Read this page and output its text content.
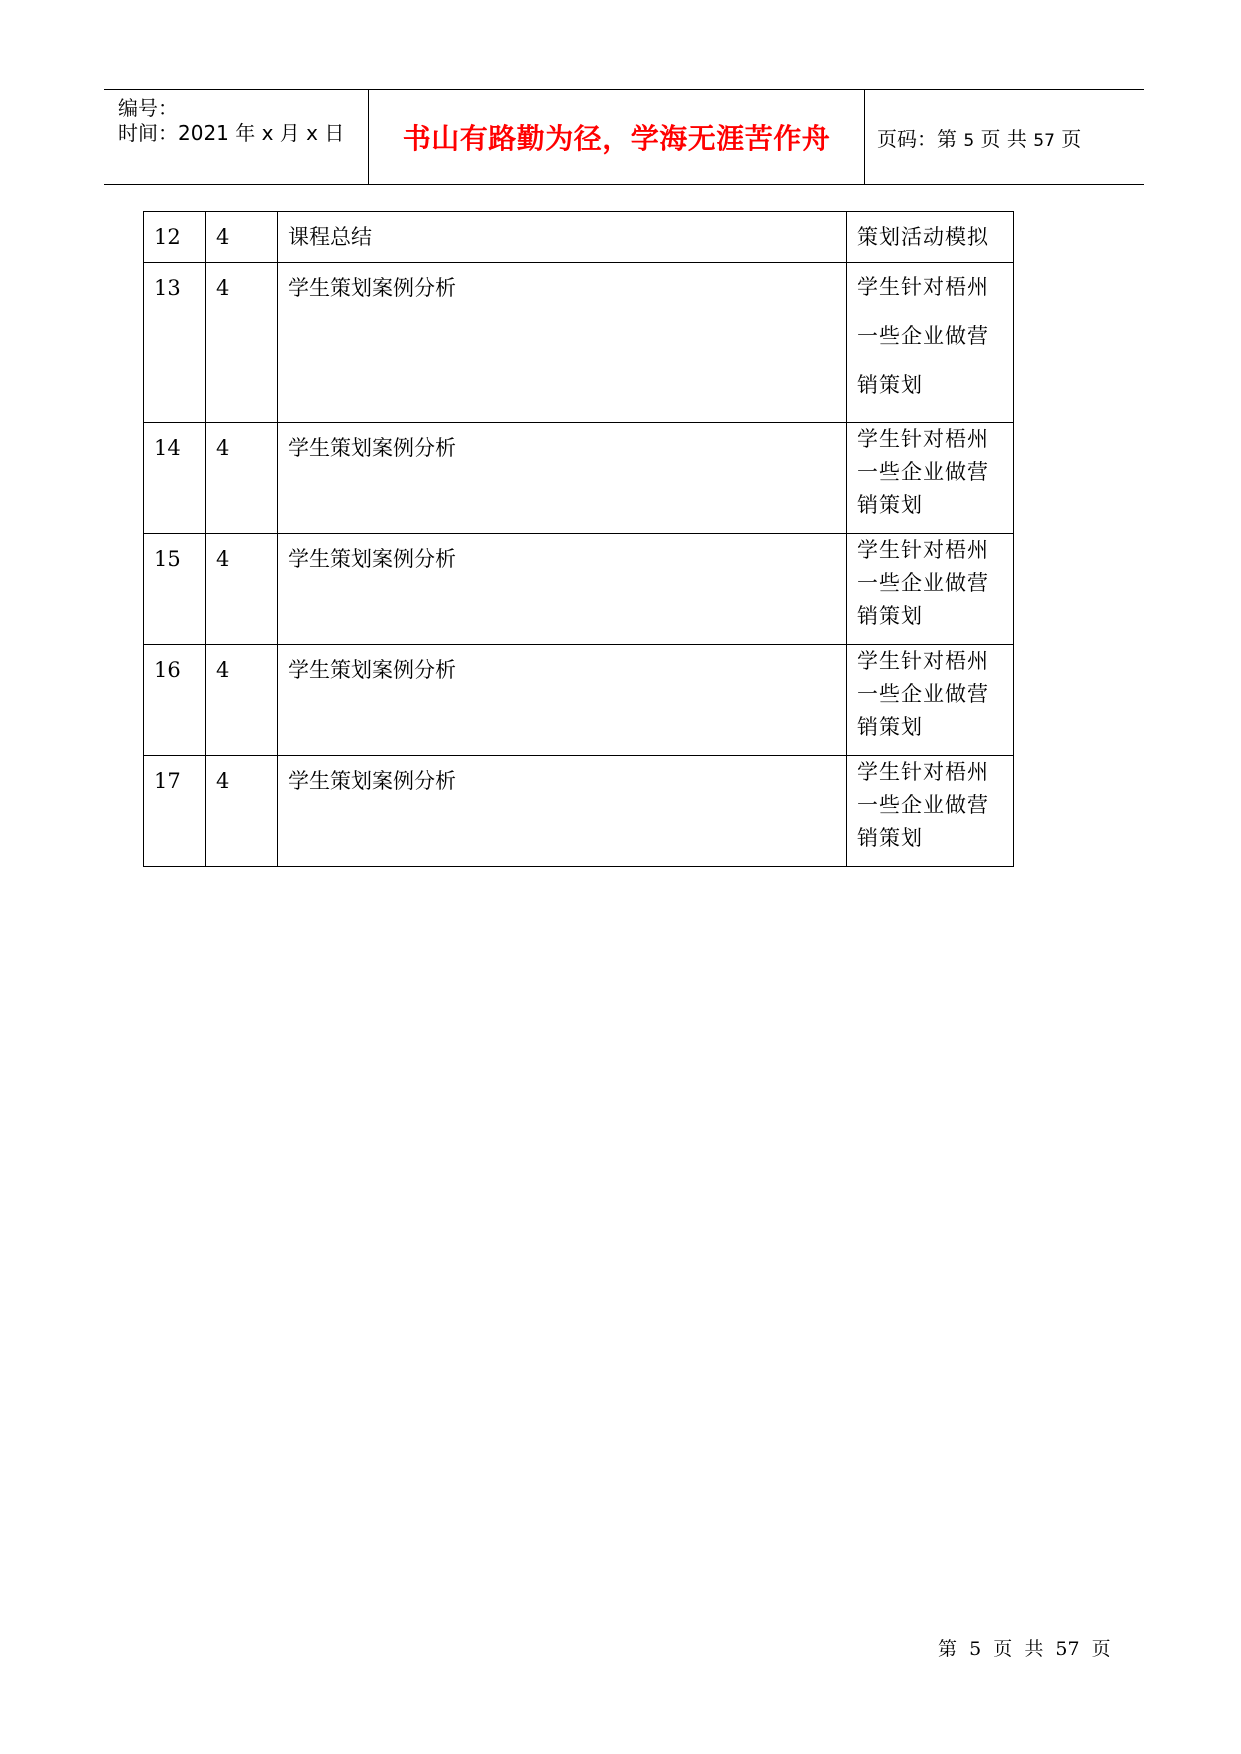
编号：
时间：2021 年 x 月 x 日 书山有路勤为径，学海无涯苦作舟	页码：第 5 页 共 57 页
12	4	课程总结	策划活动模拟
13	4	学生策划案例分析	学生针对梧州一些企业做营销策划
14	4	学生策划案例分析	学生针对梧州一些企业做营销策划
15	4	学生策划案例分析	学生针对梧州一些企业做营销策划
16	4	学生策划案例分析	学生针对梧州一些企业做营销策划
17	4	学生策划案例分析	学生针对梧州一些企业做营销策划
第  5  页  共  57  页
